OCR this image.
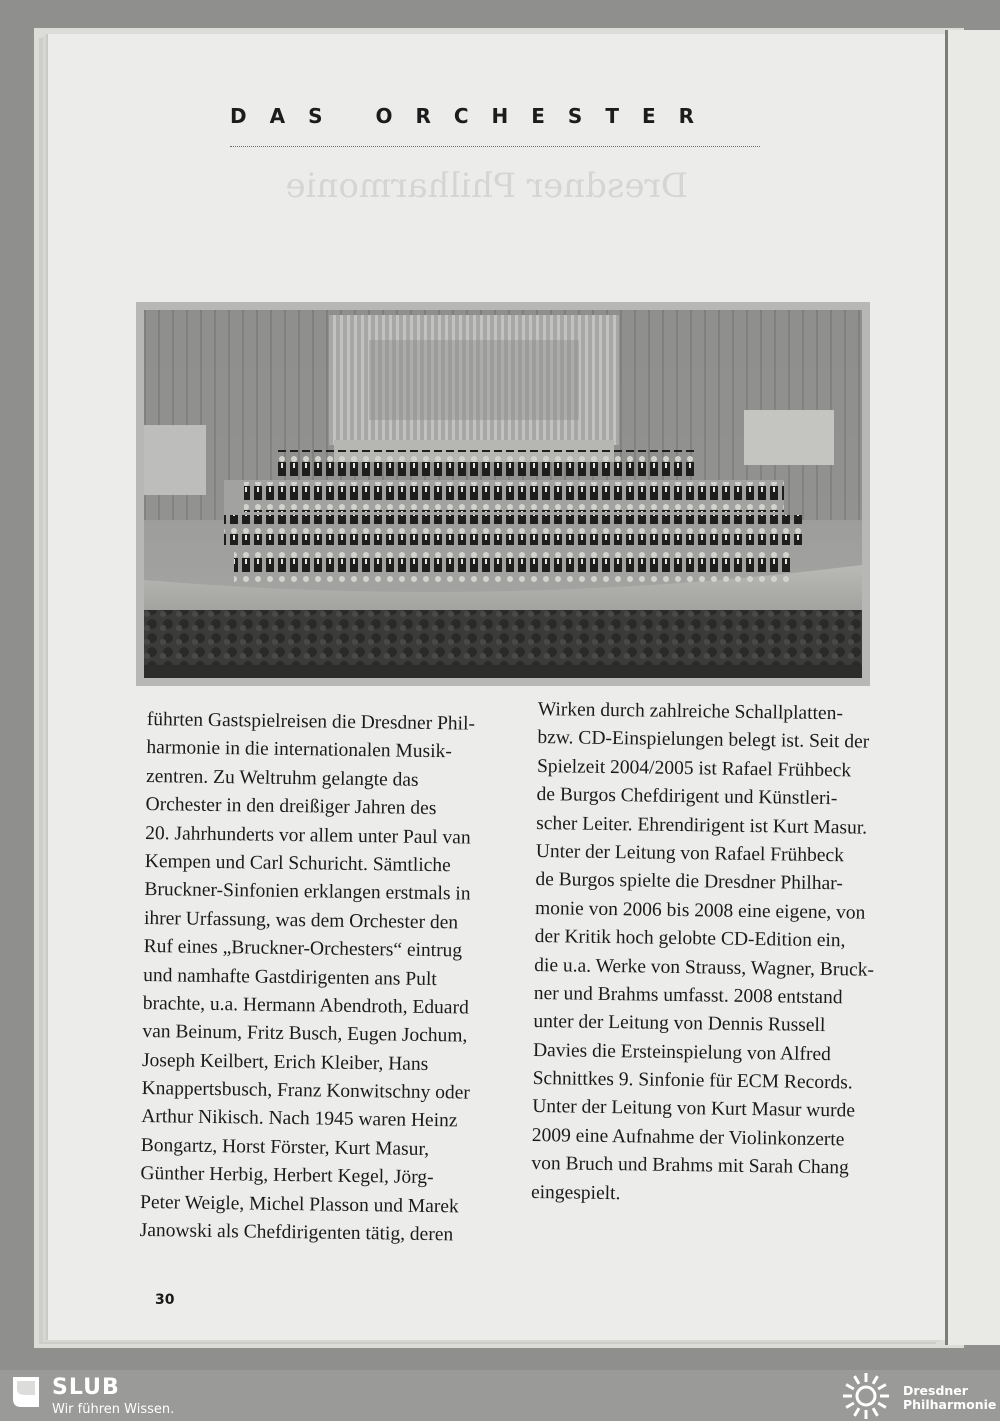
DAS ORCHESTER
Dresdner Philharmonie
führten Gastspielreisen die Dresdner Phil-
harmonie in die internationalen Musik-
zentren. Zu Weltruhm gelangte das
Orchester in den dreißiger Jahren des
20. Jahrhunderts vor allem unter Paul van
Kempen und Carl Schuricht. Sämtliche
Bruckner-Sinfonien erklangen erstmals in
ihrer Urfassung, was dem Orchester den
Ruf eines „Bruckner-Orchesters“ eintrug
und namhafte Gastdirigenten ans Pult
brachte, u.a. Hermann Abendroth, Eduard
van Beinum, Fritz Busch, Eugen Jochum,
Joseph Keilbert, Erich Kleiber, Hans
Knappertsbusch, Franz Konwitschny oder
Arthur Nikisch. Nach 1945 waren Heinz
Bongartz, Horst Förster, Kurt Masur,
Günther Herbig, Herbert Kegel, Jörg-
Peter Weigle, Michel Plasson und Marek
Janowski als Chefdirigenten tätig, deren
Wirken durch zahlreiche Schallplatten-
bzw. CD-Einspielungen belegt ist. Seit der
Spielzeit 2004/2005 ist Rafael Frühbeck
de Burgos Chefdirigent und Künstleri-
scher Leiter. Ehrendirigent ist Kurt Masur.
Unter der Leitung von Rafael Frühbeck
de Burgos spielte die Dresdner Philhar-
monie von 2006 bis 2008 eine eigene, von
der Kritik hoch gelobte CD-Edition ein,
die u.a. Werke von Strauss, Wagner, Bruck-
ner und Brahms umfasst. 2008 entstand
unter der Leitung von Dennis Russell
Davies die Ersteinspielung von Alfred
Schnittkes 9. Sinfonie für ECM Records.
Unter der Leitung von Kurt Masur wurde
2009 eine Aufnahme der Violinkonzerte
von Bruch und Brahms mit Sarah Chang
eingespielt.
30
SLUB
Wir führen Wissen.
Dresdner
Philharmonie
